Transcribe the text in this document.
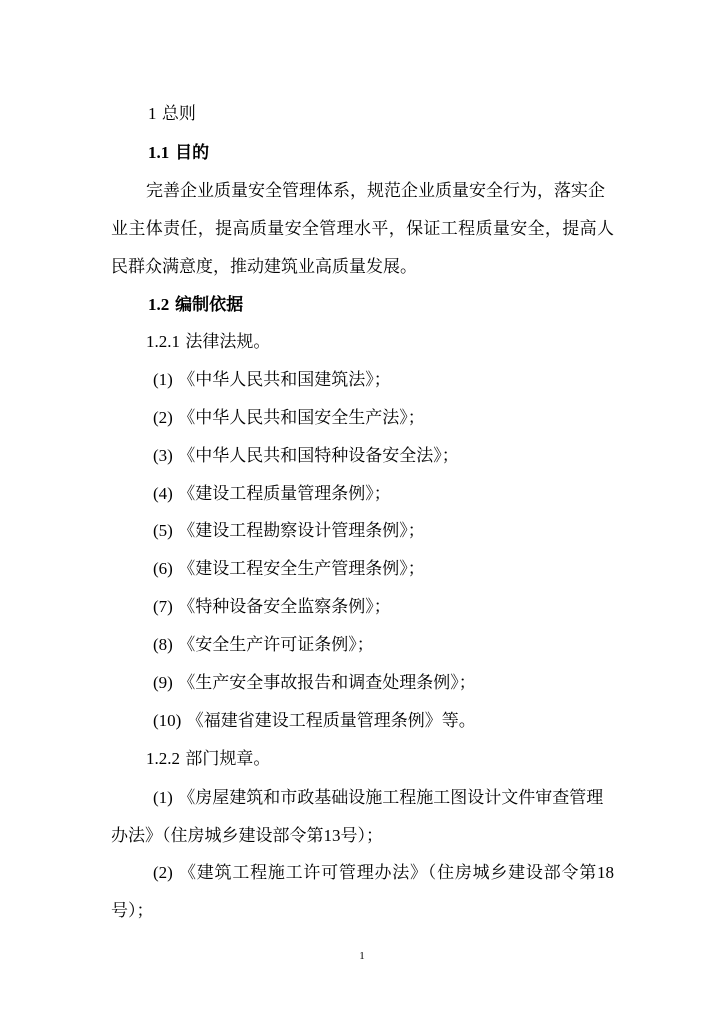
1 总则
1.1 目的
完善企业质量安全管理体系，规范企业质量安全行为，落实企
业主体责任，提高质量安全管理水平，保证工程质量安全，提高人
民群众满意度，推动建筑业高质量发展。
1.2 编制依据
1.2.1 法律法规。
(1) 《中华人民共和国建筑法》；
(2) 《中华人民共和国安全生产法》；
(3) 《中华人民共和国特种设备安全法》；
(4) 《建设工程质量管理条例》；
(5) 《建设工程勘察设计管理条例》；
(6) 《建设工程安全生产管理条例》；
(7) 《特种设备安全监察条例》；
(8) 《安全生产许可证条例》；
(9) 《生产安全事故报告和调查处理条例》；
(10) 《福建省建设工程质量管理条例》等。
1.2.2 部门规章。
(1) 《房屋建筑和市政基础设施工程施工图设计文件审查管理
办法》（住房城乡建设部令第13号）；
(2) 《建筑工程施工许可管理办法》（住房城乡建设部令第18
号）；
1
